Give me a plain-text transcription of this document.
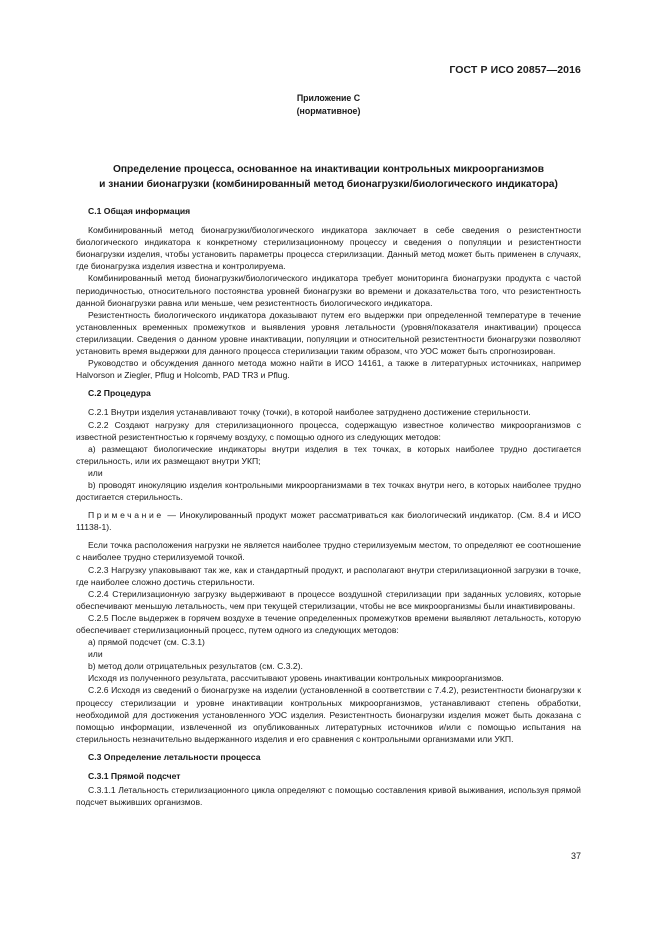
ГОСТ Р ИСО 20857—2016
Приложение С
(нормативное)
Определение процесса, основанное на инактивации контрольных микроорганизмов
и знании бионагрузки (комбинированный метод бионагрузки/биологического индикатора)
С.1 Общая информация

Комбинированный метод бионагрузки/биологического индикатора заключает в себе сведения о резистентности биологического индикатора к конкретному стерилизационному процессу и сведения о популяции и резистентности бионагрузки изделия, чтобы установить параметры процесса стерилизации. Данный метод может быть применен в случаях, где бионагрузка изделия известна и контролируема.

Комбинированный метод бионагрузки/биологического индикатора требует мониторинга бионагрузки продукта с частой периодичностью, относительного постоянства уровней бионагрузки во времени и доказательства того, что резистентность данной бионагрузки равна или меньше, чем резистентность биологического индикатора.

Резистентность биологического индикатора доказывают путем его выдержки при определенной температуре в течение установленных временных промежутков и выявления уровня летальности (уровня/показателя инактивации) процесса стерилизации. Сведения о данном уровне инактивации, популяции и относительной резистентности бионагрузки позволяют установить время выдержки для данного процесса стерилизации таким образом, что УОС может быть спрогнозирован.

Руководство и обсуждения данного метода можно найти в ИСО 14161, а также в литературных источниках, например Halvorson и Ziegler, Pflug и Holcomb, PAD TR3 и Pflug.

С.2 Процедура

С.2.1 Внутри изделия устанавливают точку (точки), в которой наиболее затруднено достижение стерильности.

С.2.2 Создают нагрузку для стерилизационного процесса, содержащую известное количество микроорганизмов с известной резистентностью к горячему воздуху, с помощью одного из следующих методов:

а) размещают биологические индикаторы внутри изделия в тех точках, в которых наиболее трудно достигается стерильность, или их размещают внутри УКП;

или

b) проводят инокуляцию изделия контрольными микроорганизмами в тех точках внутри него, в которых наиболее трудно достигается стерильность.

Примечание — Инокулированный продукт может рассматриваться как биологический индикатор. (См. 8.4 и ИСО 11138-1).

Если точка расположения нагрузки не является наиболее трудно стерилизуемым местом, то определяют ее соотношение с наиболее трудно стерилизуемой точкой.

С.2.3 Нагрузку упаковывают так же, как и стандартный продукт, и располагают внутри стерилизационной загрузки в точке, где наиболее сложно достичь стерильности.

С.2.4 Стерилизационную загрузку выдерживают в процессе воздушной стерилизации при заданных условиях, которые обеспечивают меньшую летальность, чем при текущей стерилизации, чтобы не все микроорганизмы были инактивированы.

С.2.5 После выдержек в горячем воздухе в течение определенных промежутков времени выявляют летальность, которую обеспечивает стерилизационный процесс, путем одного из следующих методов:

а) прямой подсчет (см. С.3.1)

или

b) метод доли отрицательных результатов (см. С.3.2).

Исходя из полученного результата, рассчитывают уровень инактивации контрольных микроорганизмов.

С.2.6 Исходя из сведений о бионагрузке на изделии (установленной в соответствии с 7.4.2), резистентности бионагрузки к процессу стерилизации и уровне инактивации контрольных микроорганизмов, устанавливают степень обработки, необходимой для достижения установленного УОС изделия. Резистентность бионагрузки изделия может быть доказана с помощью информации, извлеченной из опубликованных литературных источников и/или с помощью испытания на стерильность незначительно выдержанного изделия и его сравнения с контрольными организмами или УКП.

С.3 Определение летальности процесса
С.3.1 Прямой подсчет

С.3.1.1 Летальность стерилизационного цикла определяют с помощью составления кривой выживания, используя прямой подсчет выживших организмов.

37
